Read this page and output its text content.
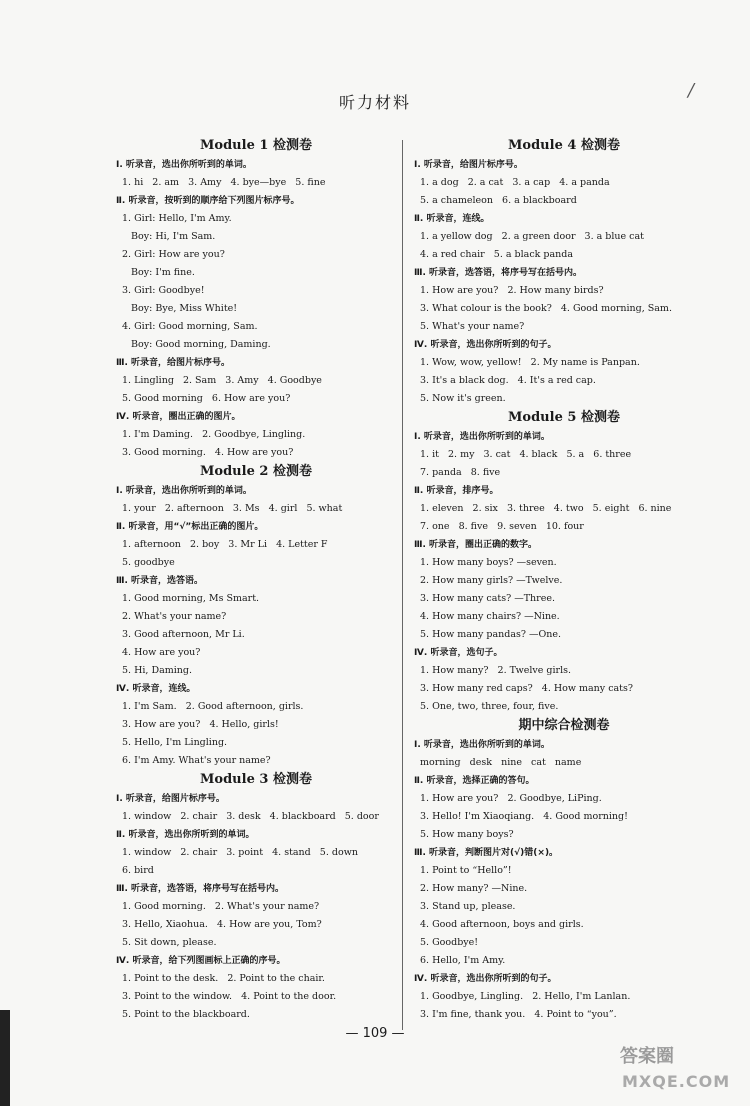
/
听力材料
Module 1 检测卷
Ⅰ. 听录音，选出你所听到的单词。
1. hi   2. am   3. Amy   4. bye—bye   5. fine
Ⅱ. 听录音，按听到的顺序给下列图片标序号。
1. Girl: Hello, I'm Amy.
Boy: Hi, I'm Sam.
2. Girl: How are you?
Boy: I'm fine.
3. Girl: Goodbye!
Boy: Bye, Miss White!
4. Girl: Good morning, Sam.
Boy: Good morning, Daming.
Ⅲ. 听录音，给图片标序号。
1. Lingling   2. Sam   3. Amy   4. Goodbye
5. Good morning   6. How are you?
Ⅳ. 听录音，圈出正确的图片。
1. I'm Daming.   2. Goodbye, Lingling.
3. Good morning.   4. How are you?
Module 2 检测卷
Ⅰ. 听录音，选出你所听到的单词。
1. your   2. afternoon   3. Ms   4. girl   5. what
Ⅱ. 听录音，用“√”标出正确的图片。
1. afternoon   2. boy   3. Mr Li   4. Letter F
5. goodbye
Ⅲ. 听录音，选答语。
1. Good morning, Ms Smart.
2. What's your name?
3. Good afternoon, Mr Li.
4. How are you?
5. Hi, Daming.
Ⅳ. 听录音，连线。
1. I'm Sam.   2. Good afternoon, girls.
3. How are you?   4. Hello, girls!
5. Hello, I'm Lingling.
6. I'm Amy. What's your name?
Module 3 检测卷
Ⅰ. 听录音，给图片标序号。
1. window   2. chair   3. desk   4. blackboard   5. door
Ⅱ. 听录音，选出你所听到的单词。
1. window   2. chair   3. point   4. stand   5. down
6. bird
Ⅲ. 听录音，选答语，将序号写在括号内。
1. Good morning.   2. What's your name?
3. Hello, Xiaohua.   4. How are you, Tom?
5. Sit down, please.
Ⅳ. 听录音，给下列图画标上正确的序号。
1. Point to the desk.   2. Point to the chair.
3. Point to the window.   4. Point to the door.
5. Point to the blackboard.
Module 4 检测卷
Ⅰ. 听录音，给图片标序号。
1. a dog   2. a cat   3. a cap   4. a panda
5. a chameleon   6. a blackboard
Ⅱ. 听录音，连线。
1. a yellow dog   2. a green door   3. a blue cat
4. a red chair   5. a black panda
Ⅲ. 听录音，选答语，将序号写在括号内。
1. How are you?   2. How many birds?
3. What colour is the book?   4. Good morning, Sam.
5. What's your name?
Ⅳ. 听录音，选出你所听到的句子。
1. Wow, wow, yellow!   2. My name is Panpan.
3. It's a black dog.   4. It's a red cap.
5. Now it's green.
Module 5 检测卷
Ⅰ. 听录音，选出你所听到的单词。
1. it   2. my   3. cat   4. black   5. a   6. three
7. panda   8. five
Ⅱ. 听录音，排序号。
1. eleven   2. six   3. three   4. two   5. eight   6. nine
7. one   8. five   9. seven   10. four
Ⅲ. 听录音，圈出正确的数字。
1. How many boys? —seven.
2. How many girls? —Twelve.
3. How many cats? —Three.
4. How many chairs? —Nine.
5. How many pandas? —One.
Ⅳ. 听录音，选句子。
1. How many?   2. Twelve girls.
3. How many red caps?   4. How many cats?
5. One, two, three, four, five.
期中综合检测卷
Ⅰ. 听录音，选出你所听到的单词。
morning   desk   nine   cat   name
Ⅱ. 听录音，选择正确的答句。
1. How are you?   2. Goodbye, LiPing.
3. Hello! I'm Xiaoqiang.   4. Good morning!
5. How many boys?
Ⅲ. 听录音，判断图片对(√)错(×)。
1. Point to “Hello”!
2. How many? —Nine.
3. Stand up, please.
4. Good afternoon, boys and girls.
5. Goodbye!
6. Hello, I'm Amy.
Ⅳ. 听录音，选出你所听到的句子。
1. Goodbye, Lingling.   2. Hello, I'm Lanlan.
3. I'm fine, thank you.   4. Point to “you”.
— 109 —
答案圈
MXQE.COM
